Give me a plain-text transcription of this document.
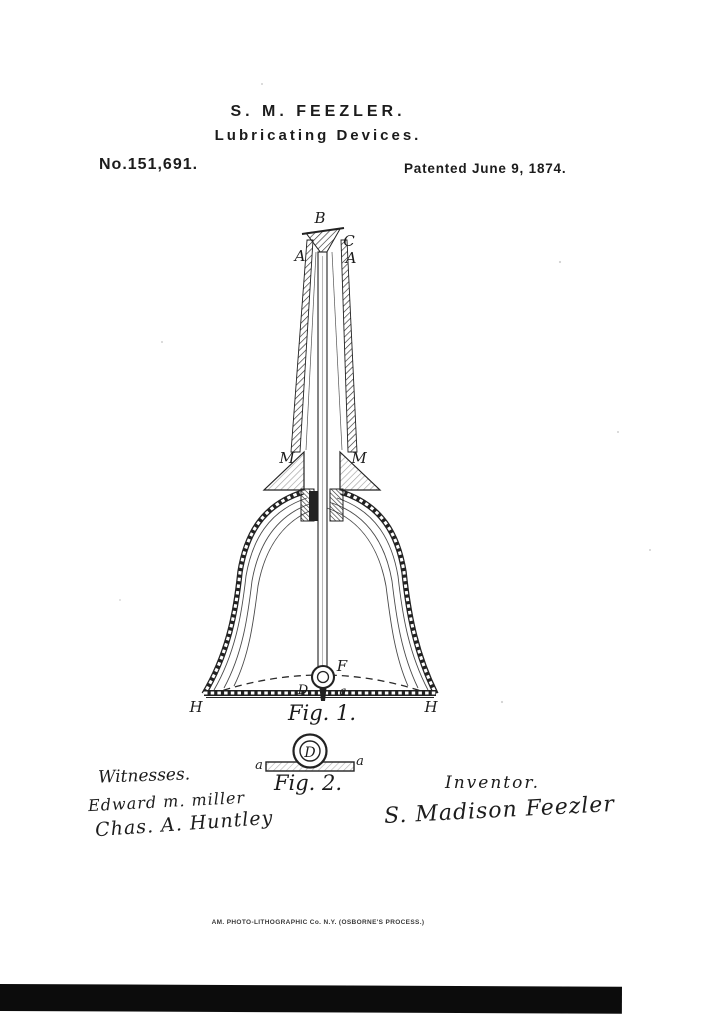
S. M. FEEZLER.
Lubricating Devices.
No.151,691.	Patented June 9, 1874.
B
A
C
A
M	M
F
D	a
H	H
Fig. 1.
D
a	a
Fig. 2.
Witnesses.
Edward m. miller
Chas. A. Huntley
Inventor.
S. Madison Feezler
AM. PHOTO-LITHOGRAPHIC Co. N.Y. (OSBORNE'S PROCESS.)
